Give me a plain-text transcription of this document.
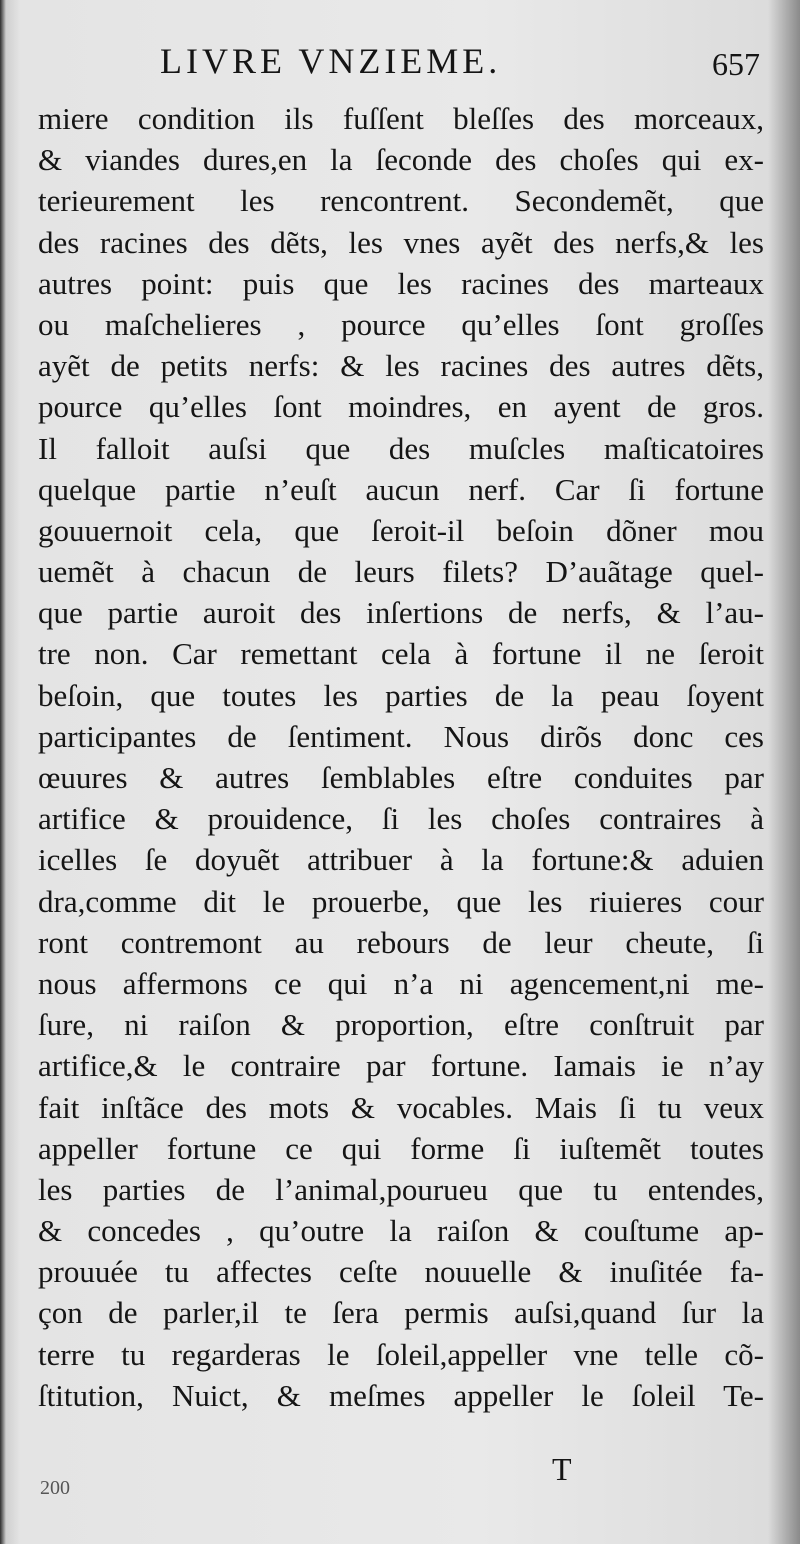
LIVRE VNZIEME.	657
miere condition ils fuſſent bleſſes des morceaux,
& viandes dures,en la ſeconde des choſes qui ex-
terieurement les rencontrent. Secondemẽt, que
des racines des dẽts, les vnes ayẽt des nerfs,& les
autres point: puis que les racines des marteaux
ou maſchelieres , pource qu’elles ſont groſſes
ayẽt de petits nerfs: & les racines des autres dẽts,
pource qu’elles ſont moindres, en ayent de gros.
Il falloit auſsi que des muſcles maſticatoires
quelque partie n’euſt aucun nerf. Car ſi fortune
gouuernoit cela, que ſeroit-il beſoin dõner mou
uemẽt à chacun de leurs filets? D’auãtage quel-
que partie auroit des inſertions de nerfs, & l’au-
tre non. Car remettant cela à fortune il ne ſeroit
beſoin, que toutes les parties de la peau ſoyent
participantes de ſentiment. Nous dirõs donc ces
œuures & autres ſemblables eſtre conduites par
artifice & prouidence, ſi les choſes contraires à
icelles ſe doyuẽt attribuer à la fortune:& aduien
dra,comme dit le prouerbe, que les riuieres cour
ront contremont au rebours de leur cheute, ſi
nous affermons ce qui n’a ni agencement,ni me-
ſure, ni raiſon & proportion, eſtre conſtruit par
artifice,& le contraire par fortune. Iamais ie n’ay
fait inſtãce des mots & vocables. Mais ſi tu veux
appeller fortune ce qui forme ſi iuſtemẽt toutes
les parties de l’animal,pourueu que tu entendes,
& concedes , qu’outre la raiſon & couſtume ap-
prouuée tu affectes ceſte nouuelle & inuſitée fa-
çon de parler,il te ſera permis auſsi,quand ſur la
terre tu regarderas le ſoleil,appeller vne telle cõ-
ſtitution, Nuict, & meſmes appeller le ſoleil Te-
200
T
